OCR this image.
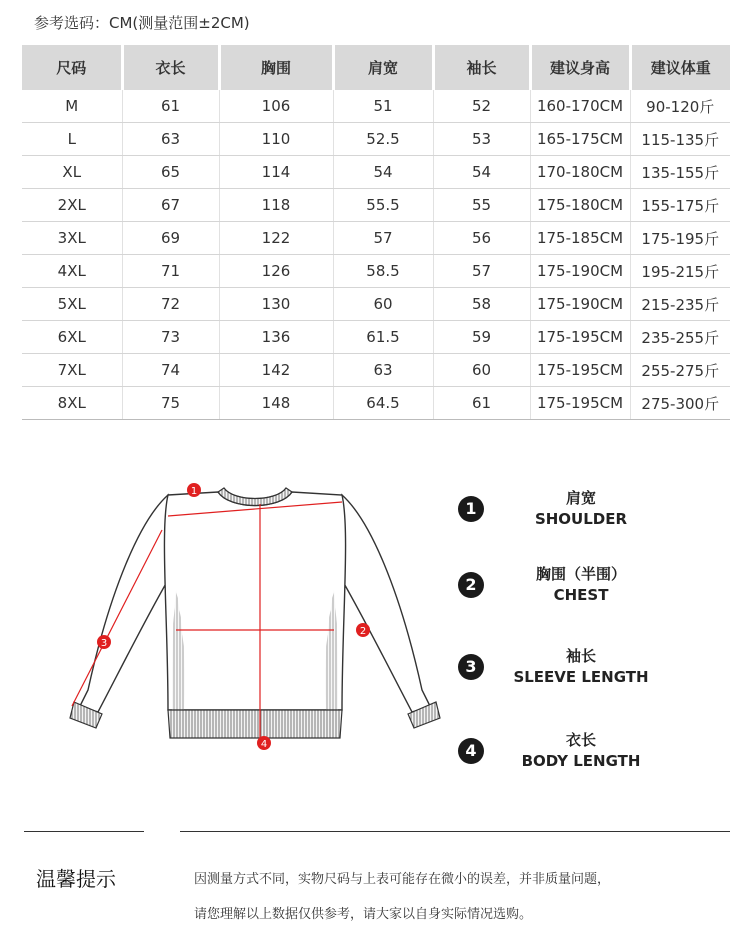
参考选码：CM(测量范围±2CM)
尺码	衣长	胸围	肩宽	袖长	建议身高	建议体重
M	61	106	51	52	160-170CM	90-120斤
L	63	110	52.5	53	165-175CM	115-135斤
XL	65	114	54	54	170-180CM	135-155斤
2XL	67	118	55.5	55	175-180CM	155-175斤
3XL	69	122	57	56	175-185CM	175-195斤
4XL	71	126	58.5	57	175-190CM	195-215斤
5XL	72	130	60	58	175-190CM	215-235斤
6XL	73	136	61.5	59	175-195CM	235-255斤
7XL	74	142	63	60	175-195CM	255-275斤
8XL	75	148	64.5	61	175-195CM	275-300斤
1
2
3
4
1
肩宽
SHOULDER
2
胸围（半围）
CHEST
3
袖长
SLEEVE LENGTH
4
衣长
BODY LENGTH
温馨提示	因测量方式不同，实物尺码与上表可能存在微小的误差，并非质量问题，
请您理解以上数据仅供参考，请大家以自身实际情况选购。
